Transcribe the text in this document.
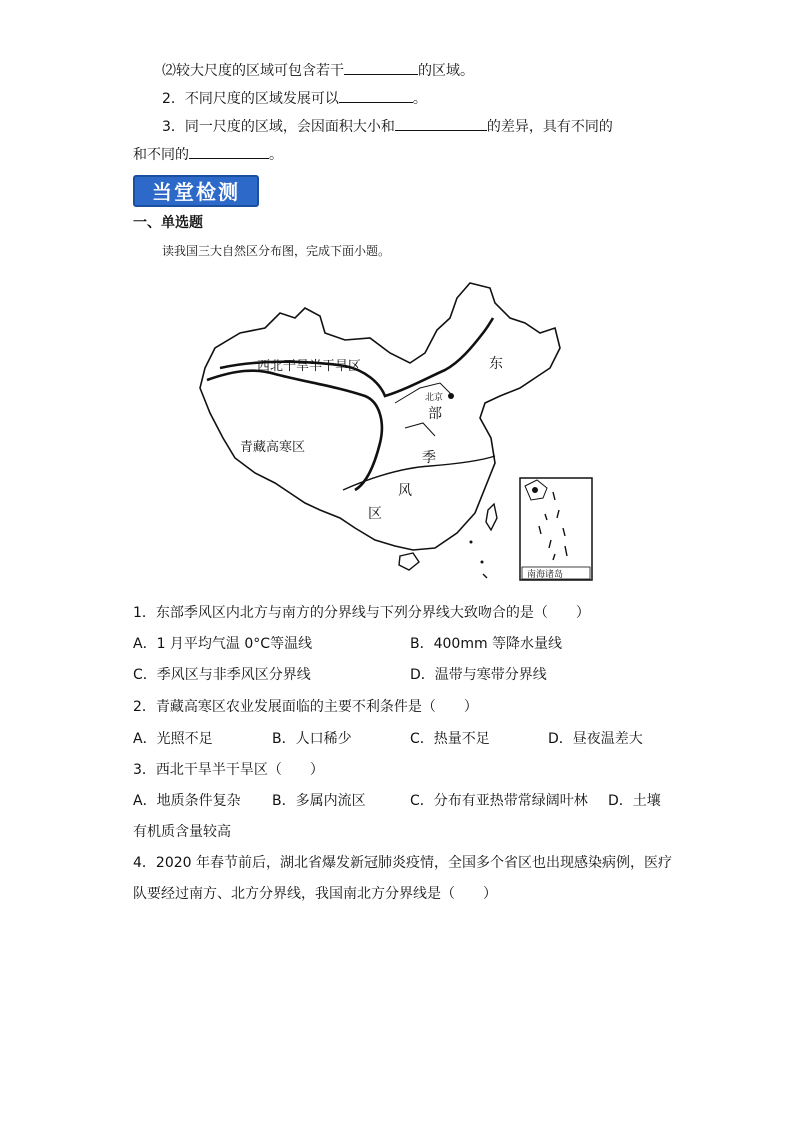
⑵较大尺度的区域可包含若干	的区域。
2．不同尺度的区域发展可以	。
3．同一尺度的区域，会因面积大小和	的差异，具有不同的
和不同的	。
当堂检测
一、单选题
读我国三大自然区分布图，完成下面小题。
西北干旱半干旱区
青藏高寒区
东
部
季
风
区
北京
南海诸岛
1．东部季风区内北方与南方的分界线与下列分界线大致吻合的是（　　）
A．1 月平均气温 0°C等温线	B．400mm 等降水量线
C．季风区与非季风区分界线	D．温带与寒带分界线
2．青藏高寒区农业发展面临的主要不利条件是（　　）
A．光照不足	B．人口稀少	C．热量不足	D．昼夜温差大
3．西北干旱半干旱区（　　）
A．地质条件复杂 B．多属内流区	C．分布有亚热带常绿阔叶林 D．土壤
有机质含量较高
4．2020 年春节前后，湖北省爆发新冠肺炎疫情，全国多个省区也出现感染病例，医疗
队要经过南方、北方分界线，我国南北方分界线是（　　）
